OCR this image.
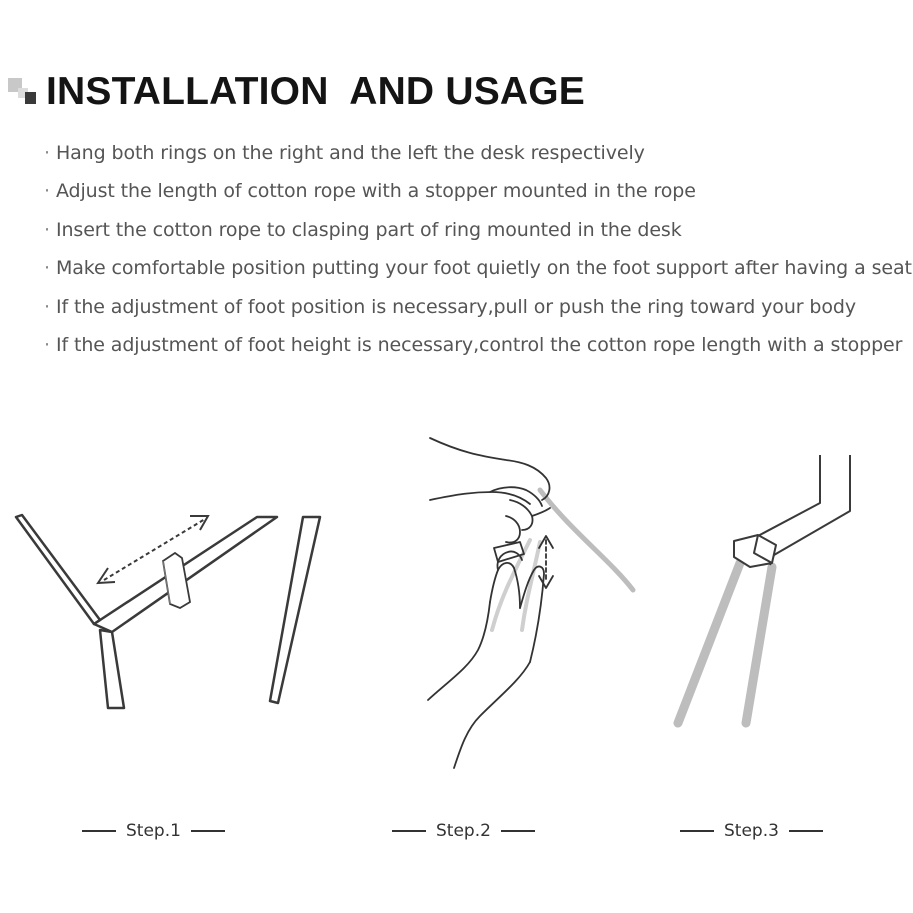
INSTALLATION  AND USAGE

· Hang both rings on the right and the left the desk respectively

· Adjust the length of cotton rope with a stopper mounted in the rope

· Insert the cotton rope to clasping part of ring mounted in the desk

· Make comfortable position putting your foot quietly on the foot support after having a seat

· If the adjustment of foot position is necessary,pull or push the ring toward your body

· If the adjustment of foot height is necessary,control the cotton rope length with a stopper

Step.1	Step.2	Step.3
